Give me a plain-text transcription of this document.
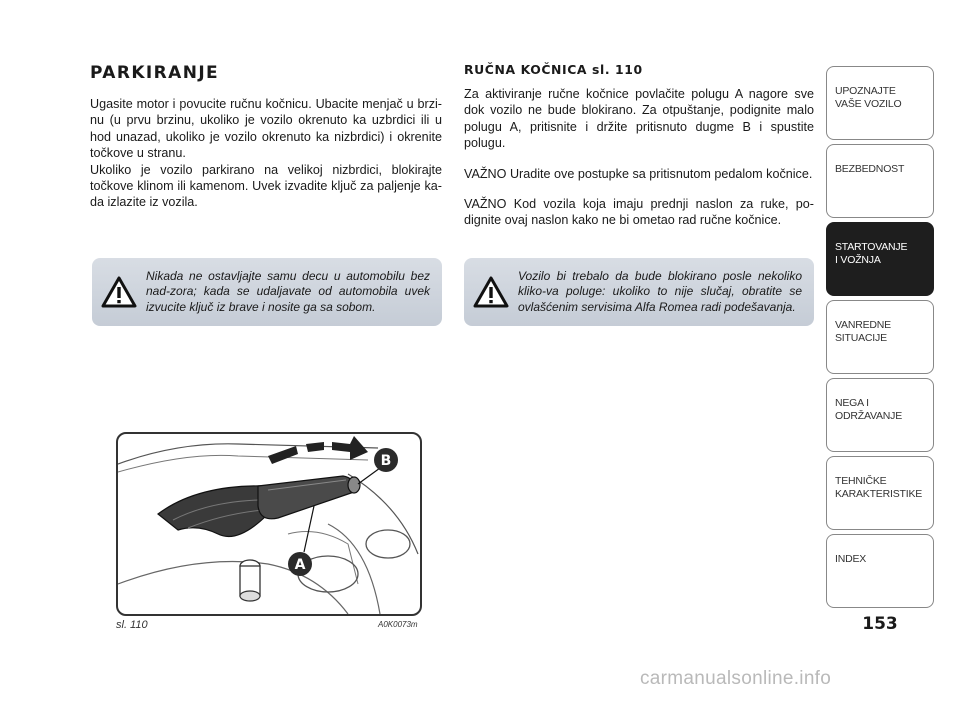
PARKIRANJE

Ugasite motor i povucite ručnu kočnicu. Ubacite menjač u brzi-nu (u prvu brzinu, ukoliko je vozilo okrenuto ka uzbrdici ili u hod unazad, ukoliko je vozilo okrenuto ka nizbrdici) i okrenite točkove u stranu.

Ukoliko je vozilo parkirano na velikoj nizbrdici, blokirajte točkove klinom ili kamenom. Uvek izvadite ključ za paljenje ka-da izlazite iz vozila.

Nikada ne ostavljajte samu decu u automobilu bez nad-zora; kada se udaljavate od automobila uvek izvucite ključ iz brave i nosite ga sa sobom.
RUČNA KOČNICA sl. 110

Za aktiviranje ručne kočnice povlačite polugu A nagore sve dok vozilo ne bude blokirano. Za otpuštanje, podignite malo polugu A, pritisnite i držite pritisnuto dugme B i spustite polugu.

VAŽNO Uradite ove postupke sa pritisnutom pedalom kočnice.

VAŽNO Kod vozila koja imaju prednji naslon za ruke, po-dignite ovaj naslon kako ne bi ometao rad ručne kočnice.

Vozilo bi trebalo da bude blokirano posle nekoliko kliko-va poluge: ukoliko to nije slučaj, obratite se ovlašćenim servisima Alfa Romea radi podešavanja.
B
A
sl. 110	A0K0073m
UPOZNAJTE
VAŠE VOZILO
BEZBEDNOST
STARTOVANJE
I VOŽNJA
VANREDNE
SITUACIJE
NEGA I
ODRŽAVANJE
TEHNIČKE
KARAKTERISTIKE
INDEX
153
carmanualsonline.info
